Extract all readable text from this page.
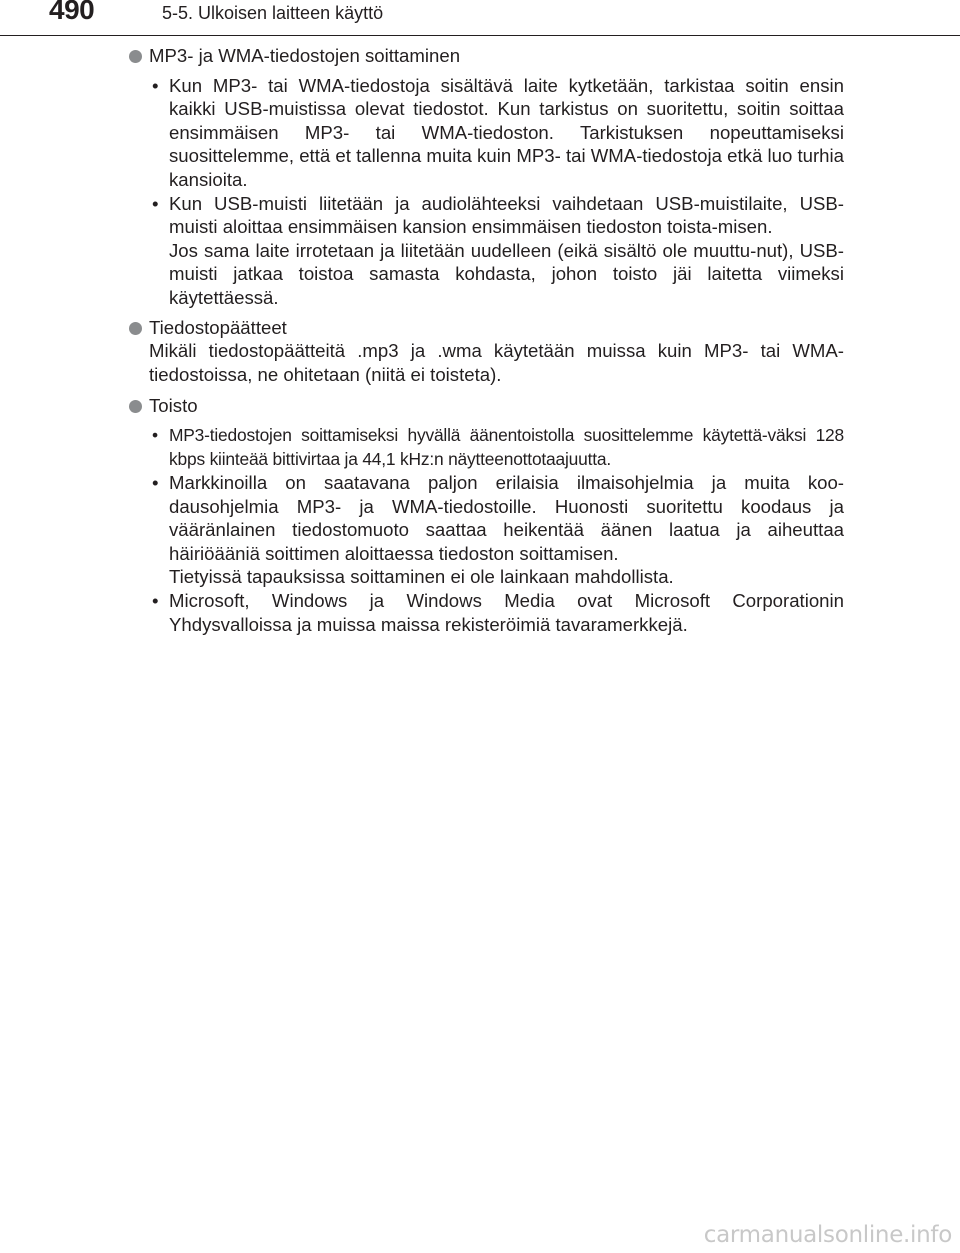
490	5-5. Ulkoisen laitteen käyttö
MP3- ja WMA-tiedostojen soittaminen
• Kun MP3- tai WMA-tiedostoja sisältävä laite kytketään, tarkistaa soitin ensin kaikki USB-muistissa olevat tiedostot. Kun tarkistus on suoritettu, soitin soittaa ensimmäisen MP3- tai WMA-tiedoston. Tarkistuksen nopeuttamiseksi suosittelemme, että et tallenna muita kuin MP3- tai WMA-tiedostoja etkä luo turhia kansioita.
• Kun USB-muisti liitetään ja audiolähteeksi vaihdetaan USB-muistilaite, USB-muisti aloittaa ensimmäisen kansion ensimmäisen tiedoston toista-misen.
Jos sama laite irrotetaan ja liitetään uudelleen (eikä sisältö ole muuttu-nut), USB-muisti jatkaa toistoa samasta kohdasta, johon toisto jäi laitetta viimeksi käytettäessä.
Tiedostopäätteet
Mikäli tiedostopäätteitä .mp3 ja .wma käytetään muissa kuin MP3- tai WMA-tiedostoissa, ne ohitetaan (niitä ei toisteta).
Toisto
• MP3-tiedostojen soittamiseksi hyvällä äänentoistolla suosittelemme käytettä-väksi 128 kbps kiinteää bittivirtaa ja 44,1 kHz:n näytteenottotaajuutta.
• Markkinoilla on saatavana paljon erilaisia ilmaisohjelmia ja muita koo-dausohjelmia MP3- ja WMA-tiedostoille. Huonosti suoritettu koodaus ja vääränlainen tiedostomuoto saattaa heikentää äänen laatua ja aiheuttaa häiriöääniä soittimen aloittaessa tiedoston soittamisen.
Tietyissä tapauksissa soittaminen ei ole lainkaan mahdollista.
• Microsoft, Windows ja Windows Media ovat Microsoft Corporationin Yhdysvalloissa ja muissa maissa rekisteröimiä tavaramerkkejä.
carmanualsonline.info
